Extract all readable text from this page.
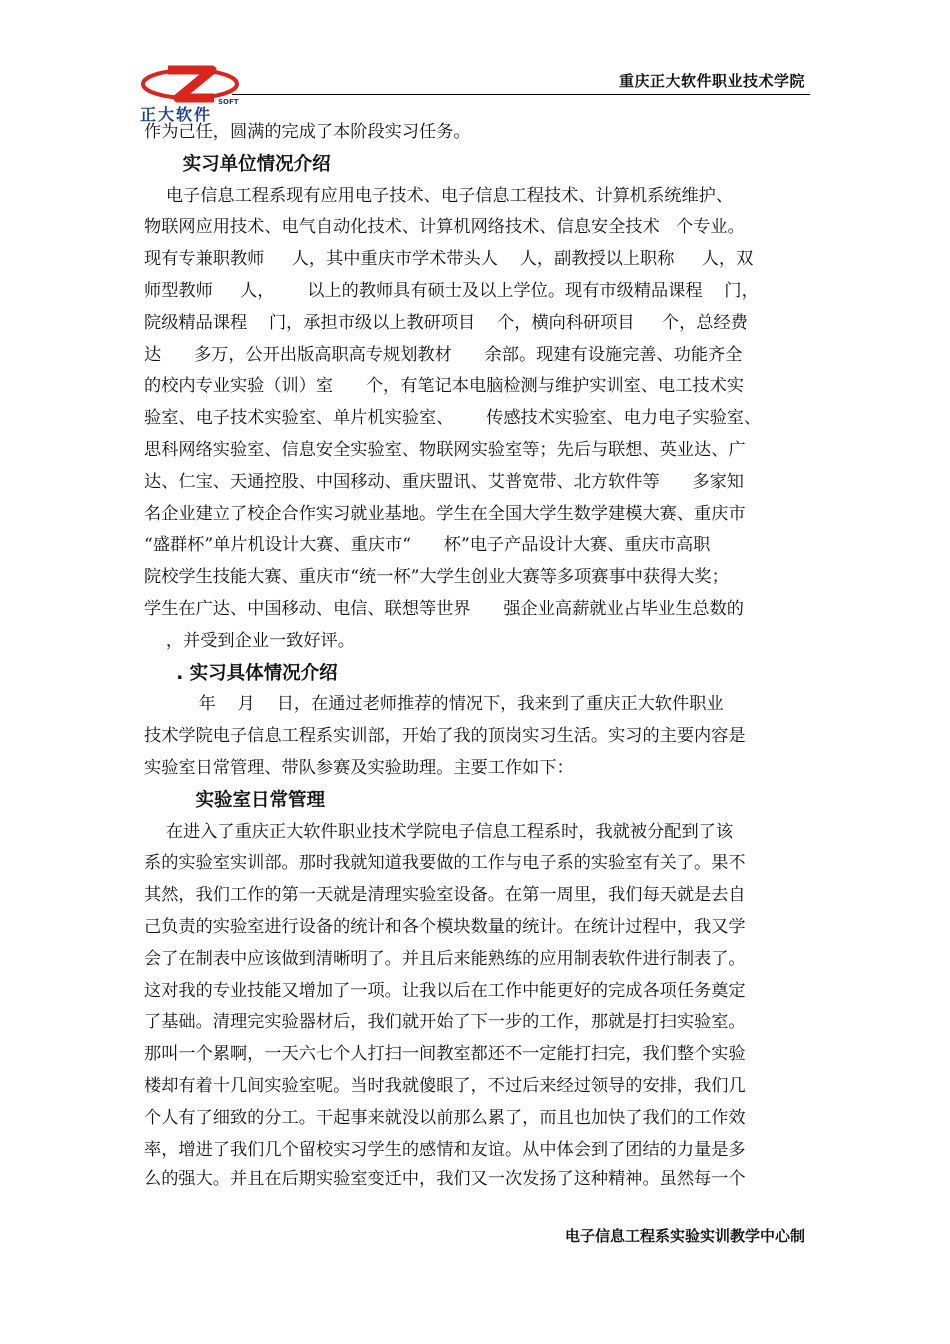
SOFT
正大软件
重庆正大软件职业技术学院
作为己任，圆满的完成了本阶段实习任务。
实习单位情况介绍
电子信息工程系现有应用电子技术、电子信息工程技术、计算机系统维护、
物联网应用技术、电气自动化技术、计算机网络技术、信息安全技术   个专业。
现有专兼职教师     人，其中重庆市学术带头人    人，副教授以上职称     人，双
师型教师     人，      以上的教师具有硕士及以上学位。现有市级精品课程    门，
院级精品课程    门，承担市级以上教研项目    个，横向科研项目     个，总经费
达      多万，公开出版高职高专规划教材      余部。现建有设施完善、功能齐全
的校内专业实验（训）室      个，有笔记本电脑检测与维护实训室、电工技术实
验室、电子技术实验室、单片机实验室、      传感技术实验室、电力电子实验室、
思科网络实验室、信息安全实验室、物联网实验室等；先后与联想、英业达、广
达、仁宝、天通控股、中国移动、重庆盟讯、艾普宽带、北方软件等      多家知
名企业建立了校企合作实习就业基地。学生在全国大学生数学建模大赛、重庆市
“盛群杯”单片机设计大赛、重庆市“      杯”电子产品设计大赛、重庆市高职
院校学生技能大赛、重庆市“统一杯”大学生创业大赛等多项赛事中获得大奖；
学生在广达、中国移动、电信、联想等世界      强企业高薪就业占毕业生总数的
，并受到企业一致好评。
. 实习具体情况介绍
年    月    日，在通过老师推荐的情况下，我来到了重庆正大软件职业
技术学院电子信息工程系实训部，开始了我的顶岗实习生活。实习的主要内容是
实验室日常管理、带队参赛及实验助理。主要工作如下：
实验室日常管理
在进入了重庆正大软件职业技术学院电子信息工程系时，我就被分配到了该
系的实验室实训部。那时我就知道我要做的工作与电子系的实验室有关了。果不
其然，我们工作的第一天就是清理实验室设备。在第一周里，我们每天就是去自
己负责的实验室进行设备的统计和各个模块数量的统计。在统计过程中，我又学
会了在制表中应该做到清晰明了。并且后来能熟练的应用制表软件进行制表了。
这对我的专业技能又增加了一项。让我以后在工作中能更好的完成各项任务奠定
了基础。清理完实验器材后，我们就开始了下一步的工作，那就是打扫实验室。
那叫一个累啊，一天六七个人打扫一间教室都还不一定能打扫完，我们整个实验
楼却有着十几间实验室呢。当时我就傻眼了，不过后来经过领导的安排，我们几
个人有了细致的分工。干起事来就没以前那么累了，而且也加快了我们的工作效
率，增进了我们几个留校实习学生的感情和友谊。从中体会到了团结的力量是多
么的强大。并且在后期实验室变迁中，我们又一次发扬了这种精神。虽然每一个
电子信息工程系实验实训教学中心制
